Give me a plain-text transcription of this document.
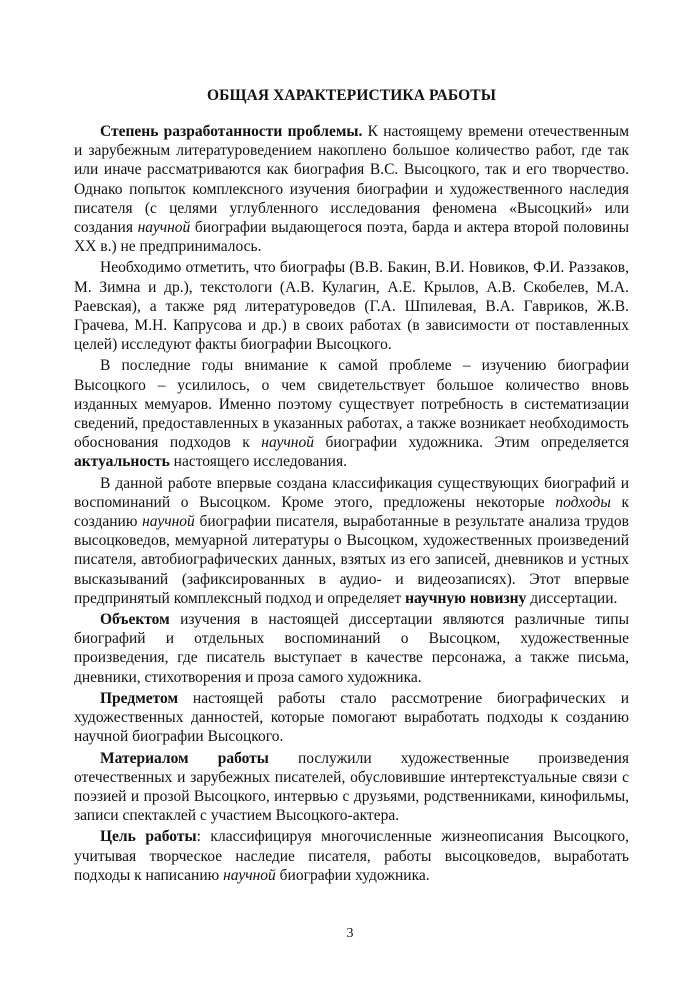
ОБЩАЯ ХАРАКТЕРИСТИКА РАБОТЫ

Степень разработанности проблемы. К настоящему времени отечественным и зарубежным литературоведением накоплено большое количество работ, где так или иначе рассматриваются как биография В.С. Высоцкого, так и его творчество. Однако попыток комплексного изучения биографии и художественного наследия писателя (с целями углубленного исследования феномена «Высоцкий» или создания научной биографии выдающегося поэта, барда и актера второй половины XX в.) не предпринималось.

Необходимо отметить, что биографы (В.В. Бакин, В.И. Новиков, Ф.И. Раззаков, М. Зимна и др.), текстологи (А.В. Кулагин, А.Е. Крылов, А.В. Скобелев, М.А. Раевская), а также ряд литературоведов (Г.А. Шпилевая, В.А. Гавриков, Ж.В. Грачева, М.Н. Капрусова и др.) в своих работах (в зависимости от поставленных целей) исследуют факты биографии Высоцкого.

В последние годы внимание к самой проблеме – изучению биографии Высоцкого – усилилось, о чем свидетельствует большое количество вновь изданных мемуаров. Именно поэтому существует потребность в систематизации сведений, предоставленных в указанных работах, а также возникает необходимость обоснования подходов к научной биографии художника. Этим определяется актуальность настоящего исследования.

В данной работе впервые создана классификация существующих биографий и воспоминаний о Высоцком. Кроме этого, предложены некоторые подходы к созданию научной биографии писателя, выработанные в результате анализа трудов высоцковедов, мемуарной литературы о Высоцком, художественных произведений писателя, автобиографических данных, взятых из его записей, дневников и устных высказываний (зафиксированных в аудио- и видеозаписях). Этот впервые предпринятый комплексный подход и определяет научную новизну диссертации.

Объектом изучения в настоящей диссертации являются различные типы биографий и отдельных воспоминаний о Высоцком, художественные произведения, где писатель выступает в качестве персонажа, а также письма, дневники, стихотворения и проза самого художника.

Предметом настоящей работы стало рассмотрение биографических и художественных данностей, которые помогают выработать подходы к созданию научной биографии Высоцкого.

Материалом работы послужили художественные произведения отечественных и зарубежных писателей, обусловившие интертекстуальные связи с поэзией и прозой Высоцкого, интервью с друзьями, родственниками, кинофильмы, записи спектаклей с участием Высоцкого-актера.

Цель работы: классифицируя многочисленные жизнеописания Высоцкого, учитывая творческое наследие писателя, работы высоцковедов, выработать подходы к написанию научной биографии художника.

3
